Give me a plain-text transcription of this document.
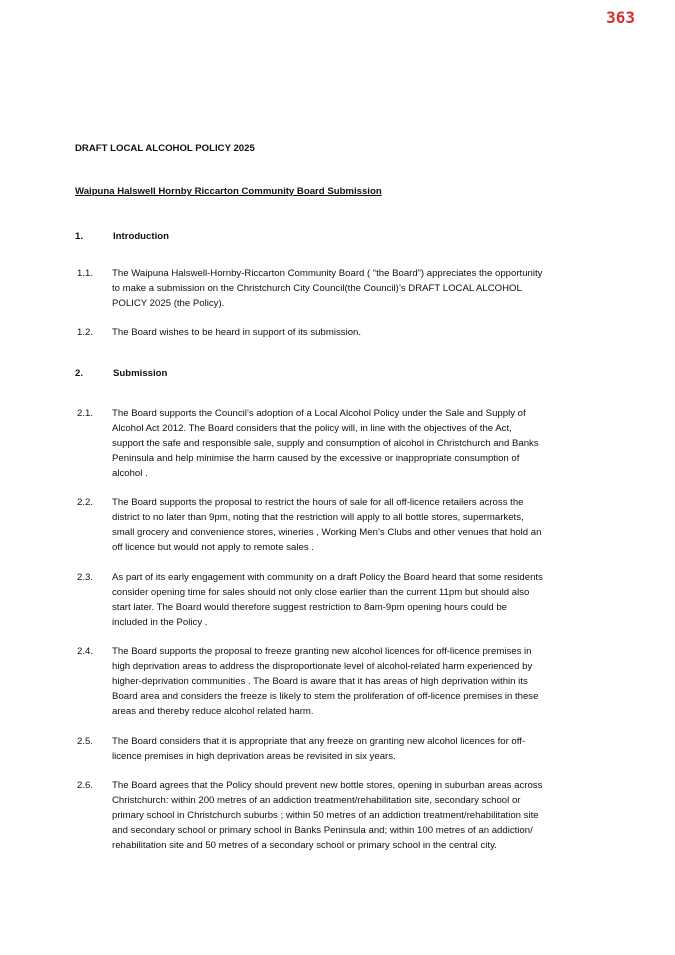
363
DRAFT LOCAL ALCOHOL POLICY 2025
Waipuna Halswell Hornby Riccarton Community Board Submission
1.	Introduction
1.1. The Waipuna Halswell-Hornby-Riccarton Community Board ( “the Board”) appreciates the opportunity to make a submission on the Christchurch City Council(the Council)’s DRAFT LOCAL ALCOHOL POLICY 2025 (the Policy).
1.2. The Board wishes to be heard in support of its submission.
2.	Submission
2.1. The Board supports the Council’s adoption of a Local Alcohol Policy under the Sale and Supply of Alcohol Act 2012. The Board considers that the policy will, in line with the objectives of the Act, support the safe and responsible sale, supply and consumption of alcohol in Christchurch and Banks Peninsula and help minimise the harm caused by the excessive or inappropriate consumption of alcohol .
2.2. The Board supports the proposal to restrict the hours of sale for all off-licence retailers across the district to no later than 9pm, noting that the restriction will apply to all bottle stores, supermarkets, small grocery and convenience stores, wineries , Working Men’s Clubs and other venues that hold an off licence but would not apply to remote sales .
2.3. As part of its early engagement with community on a draft Policy the Board heard that some residents consider opening time for sales should not only close earlier than the current 11pm but should also start later. The Board would therefore suggest restriction to 8am-9pm opening hours could be included in the Policy .
2.4. The Board supports the proposal to freeze granting new alcohol licences for off-licence premises in high deprivation areas to address the disproportionate level of alcohol-related harm experienced by higher-deprivation communities . The Board is aware that it has areas of high deprivation within its Board area and considers the freeze is likely to stem the proliferation of off-licence premises in these areas and thereby reduce alcohol related harm.
2.5. The Board considers that it is appropriate that any freeze on granting new alcohol licences for off-licence premises in high deprivation areas be revisited in six years.
2.6. The Board agrees that the Policy should prevent new bottle stores, opening in suburban areas across Christchurch: within 200 metres of an addiction treatment/rehabilitation site, secondary school or primary school in Christchurch suburbs ; within 50 metres of an addiction treatment/rehabilitation site and secondary school or primary school in Banks Peninsula and; within 100 metres of an addiction/ rehabilitation site and 50 metres of a secondary school or primary school in the central city.
